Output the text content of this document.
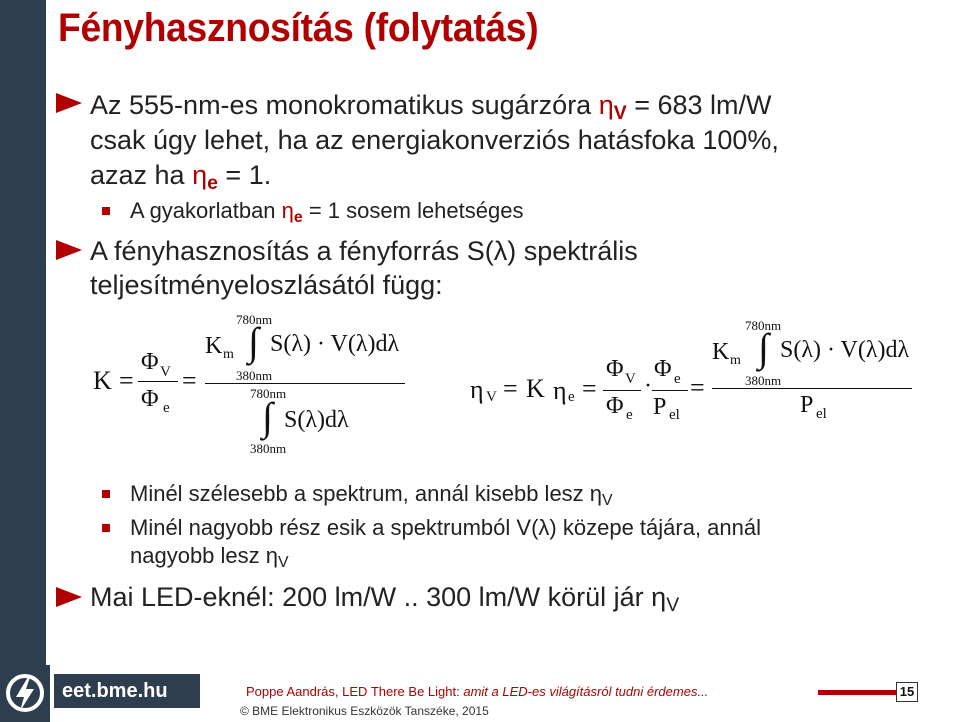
Fényhasznosítás (folytatás)
Az 555-nm-es monokromatikus sugárzóra $\eta_V = 683$ lm/W
csak úgy lehet, ha az energiakonverziós hatásfoka 100%,
azaz ha $\eta_e = 1$.
A gyakorlatban $\eta_e = 1$ sosem lehetséges
A fényhasznosítás a fényforrás S(λ) spektrális
teljesítményeloszlásától függ:
K =
Φ V
Φ e
=
K m
780nm
∫ S(λ) · V(λ)dλ
380nm
780nm
∫ S(λ)dλ
380nm
η V = K η e =
Φ V
Φ e
·
Φ e
P el
=
K m
780nm
∫ S(λ) · V(λ)dλ
380nm
P el
Minél szélesebb a spektrum, annál kisebb lesz $\eta_V$
Minél nagyobb rész esik a spektrumból V(λ) közepe tájára, annál
nagyobb lesz $\eta_V$
Mai LED-eknél: 200 lm/W .. 300 lm/W körül jár $\eta_V$
eet.bme.hu	Poppe Aandrás, LED There Be Light: amit a LED-es világításról tudni érdemes...
© BME Elektronikus Eszközök Tanszéke, 2015
15
